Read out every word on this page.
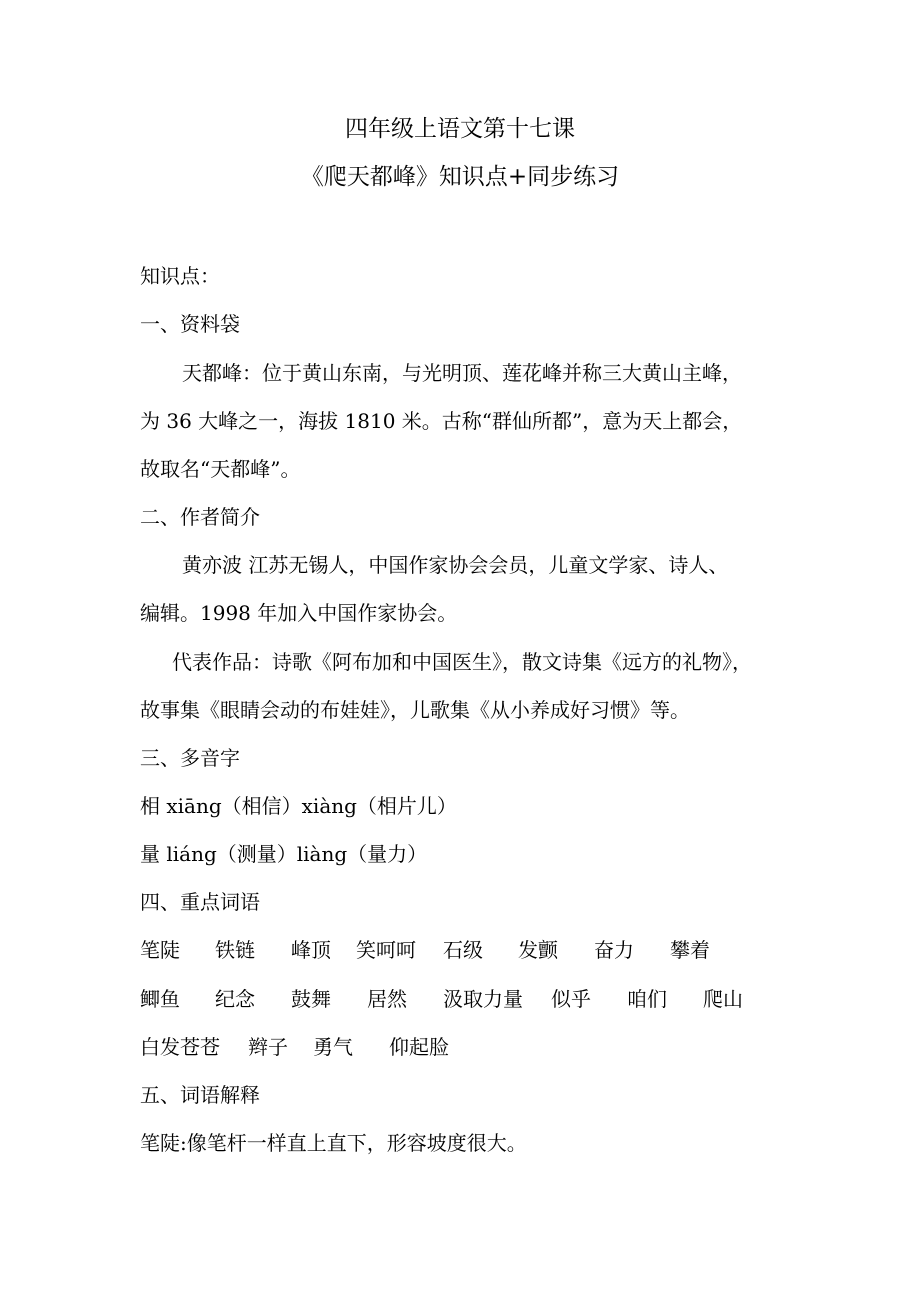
四年级上语文第十七课
《爬天都峰》知识点+同步练习
知识点：
一、资料袋
天都峰：位于黄山东南，与光明顶、莲花峰并称三大黄山主峰，
为 36 大峰之一，海拔 1810 米。古称“群仙所都”，意为天上都会，
故取名“天都峰”。
二、作者简介
黄亦波 江苏无锡人，中国作家协会会员，儿童文学家、诗人、
编辑。1998 年加入中国作家协会。
代表作品：诗歌《阿布加和中国医生》，散文诗集《远方的礼物》，
故事集《眼睛会动的布娃娃》，儿歌集《从小养成好习惯》等。
三、多音字
相 xiāng（相信）xiàng（相片儿）
量 liáng（测量）liàng（量力）
四、重点词语
笔陡 铁链 峰顶 笑呵呵 石级 发颤 奋力 攀着
鲫鱼 纪念 鼓舞 居然 汲取力量 似乎 咱们 爬山
白发苍苍 辫子 勇气 仰起脸
五、词语解释
笔陡:像笔杆一样直上直下，形容坡度很大。
